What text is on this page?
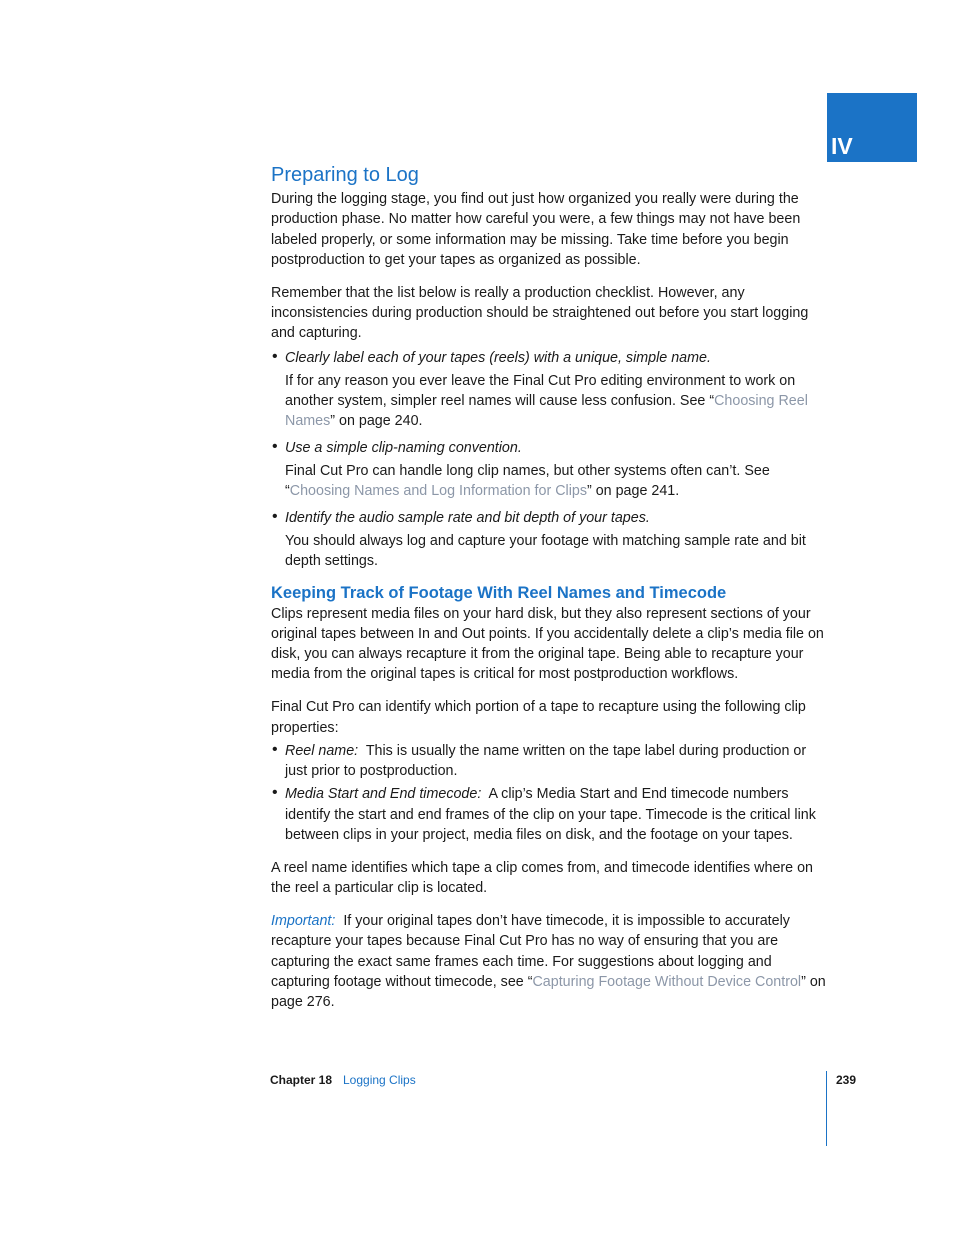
IV
Preparing to Log

During the logging stage, you find out just how organized you really were during the production phase. No matter how careful you were, a few things may not have been labeled properly, or some information may be missing. Take time before you begin postproduction to get your tapes as organized as possible.

Remember that the list below is really a production checklist. However, any inconsistencies during production should be straightened out before you start logging and capturing.

• Clearly label each of your tapes (reels) with a unique, simple name.

If for any reason you ever leave the Final Cut Pro editing environment to work on another system, simpler reel names will cause less confusion. See “Choosing Reel Names” on page 240.

• Use a simple clip-naming convention.

Final Cut Pro can handle long clip names, but other systems often can’t. See “Choosing Names and Log Information for Clips” on page 241.

• Identify the audio sample rate and bit depth of your tapes.

You should always log and capture your footage with matching sample rate and bit depth settings.

Keeping Track of Footage With Reel Names and Timecode

Clips represent media files on your hard disk, but they also represent sections of your original tapes between In and Out points. If you accidentally delete a clip’s media file on disk, you can always recapture it from the original tape. Being able to recapture your media from the original tapes is critical for most postproduction workflows.

Final Cut Pro can identify which portion of a tape to recapture using the following clip properties:

• Reel name: This is usually the name written on the tape label during production or just prior to postproduction.

• Media Start and End timecode: A clip’s Media Start and End timecode numbers identify the start and end frames of the clip on your tape. Timecode is the critical link between clips in your project, media files on disk, and the footage on your tapes.

A reel name identifies which tape a clip comes from, and timecode identifies where on the reel a particular clip is located.

Important: If your original tapes don’t have timecode, it is impossible to accurately recapture your tapes because Final Cut Pro has no way of ensuring that you are capturing the exact same frames each time. For suggestions about logging and capturing footage without timecode, see “Capturing Footage Without Device Control” on page 276.

Chapter 18 Logging Clips	239
